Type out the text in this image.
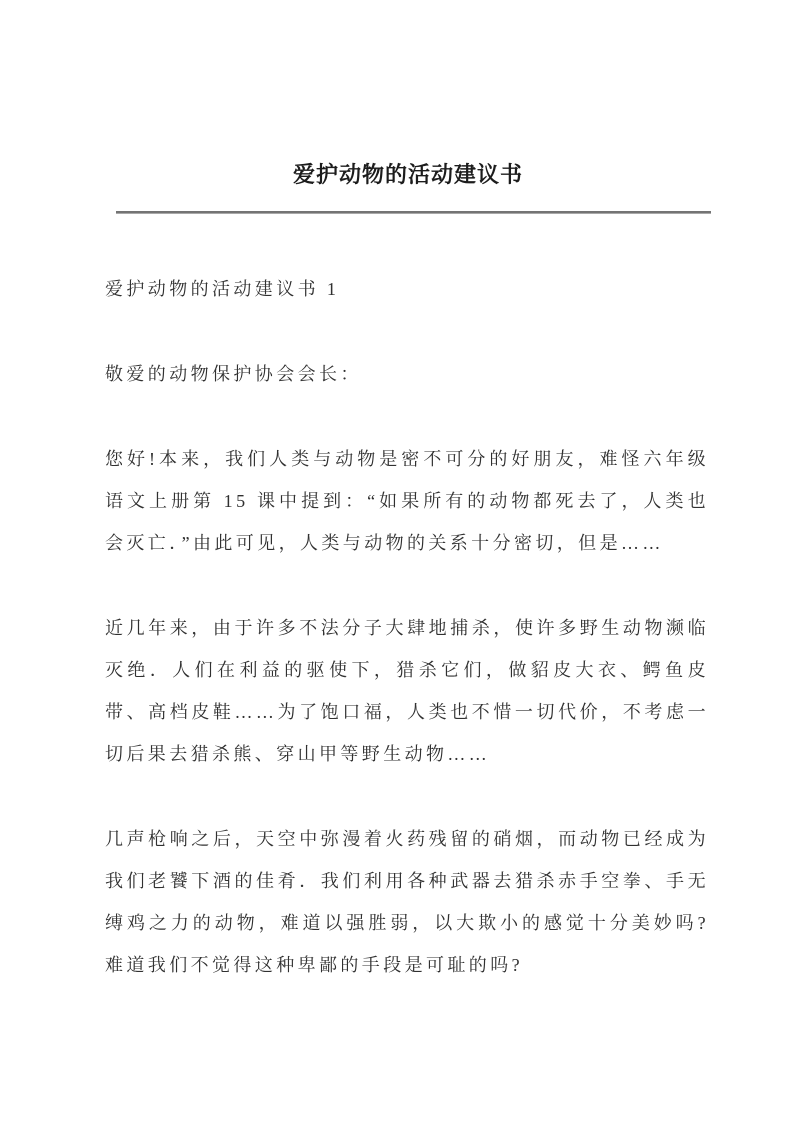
爱护动物的活动建议书

爱护动物的活动建议书 1

敬爱的动物保护协会会长：

您好!本来，我们人类与动物是密不可分的好朋友，难怪六年级语文上册第 15 课中提到：“如果所有的动物都死去了，人类也会灭亡．”由此可见，人类与动物的关系十分密切，但是……

近几年来，由于许多不法分子大肆地捕杀，使许多野生动物濒临灭绝．人们在利益的驱使下，猎杀它们，做貂皮大衣、鳄鱼皮带、高档皮鞋……为了饱口福，人类也不惜一切代价，不考虑一切后果去猎杀熊、穿山甲等野生动物……

几声枪响之后，天空中弥漫着火药残留的硝烟，而动物已经成为我们老饕下酒的佳肴．我们利用各种武器去猎杀赤手空拳、手无缚鸡之力的动物，难道以强胜弱，以大欺小的感觉十分美妙吗?难道我们不觉得这种卑鄙的手段是可耻的吗?
